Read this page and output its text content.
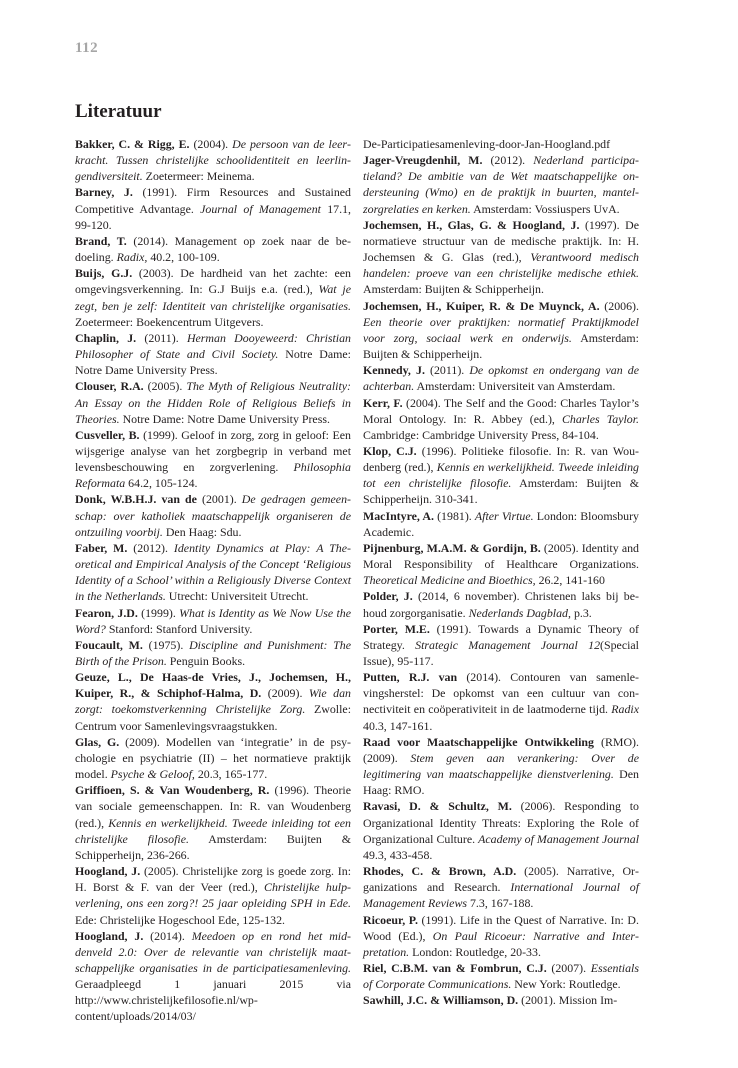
112
Literatuur

Bakker, C. & Rigg, E. (2004). De persoon van de leerkracht. Tussen christelijke schoolidentiteit en leerlingendiversiteit. Zoetermeer: Meinema.

Barney, J. (1991). Firm Resources and Sustained Competitive Advantage. Journal of Management 17.1, 99-120.

Brand, T. (2014). Management op zoek naar de bedoeling. Radix, 40.2, 100-109.

Buijs, G.J. (2003). De hardheid van het zachte: een omgevingsverkenning. In: G.J Buijs e.a. (red.), Wat je zegt, ben je zelf: Identiteit van christelijke organisaties. Zoetermeer: Boekencentrum Uitgevers.

Chaplin, J. (2011). Herman Dooyeweerd: Christian Philosopher of State and Civil Society. Notre Dame: Notre Dame University Press.

Clouser, R.A. (2005). The Myth of Religious Neutrality: An Essay on the Hidden Role of Religious Beliefs in Theories. Notre Dame: Notre Dame University Press.

Cusveller, B. (1999). Geloof in zorg, zorg in geloof: Een wijsgerige analyse van het zorgbegrip in verband met levensbeschouwing en zorgverlening. Philosophia Reformata 64.2, 105-124.

Donk, W.B.H.J. van de (2001). De gedragen gemeenschap: over katholiek maatschappelijk organiseren de ontzuiling voorbij. Den Haag: Sdu.

Faber, M. (2012). Identity Dynamics at Play: A Theoretical and Empirical Analysis of the Concept ‘Religious Identity of a School’ within a Religiously Diverse Context in the Netherlands. Utrecht: Universiteit Utrecht.

Fearon, J.D. (1999). What is Identity as We Now Use the Word? Stanford: Stanford University.

Foucault, M. (1975). Discipline and Punishment: The Birth of the Prison. Penguin Books.

Geuze, L., De Haas-de Vries, J., Jochemsen, H., Kuiper, R., & Schiphof-Halma, D. (2009). Wie dan zorgt: toekomstverkenning Christelijke Zorg. Zwolle: Centrum voor Samenlevingsvraagstukken.

Glas, G. (2009). Modellen van ‘integratie’ in de psychologie en psychiatrie (II) – het normatieve praktijk model. Psyche & Geloof, 20.3, 165-177.

Griffioen, S. & Van Woudenberg, R. (1996). Theorie van sociale gemeenschappen. In: R. van Woudenberg (red.), Kennis en werkelijkheid. Tweede inleiding tot een christelijke filosofie. Amsterdam: Buijten & Schipperheijn, 236-266.

Hoogland, J. (2005). Christelijke zorg is goede zorg. In: H. Borst & F. van der Veer (red.), Christelijke hulpverlening, ons een zorg?! 25 jaar opleiding SPH in Ede. Ede: Christelijke Hogeschool Ede, 125-132.

Hoogland, J. (2014). Meedoen op en rond het middenveld 2.0: Over de relevantie van christelijk maatschappelijke organisaties in de participatiesamenleving. Geraadpleegd 1 januari 2015 via http://www.christelijkefilosofie.nl/wp-content/uploads/2014/03/

De-Participatiesamenleving-door-Jan-Hoogland.pdf

Jager-Vreugdenhil, M. (2012). Nederland participatieland? De ambitie van de Wet maatschappelijke ondersteuning (Wmo) en de praktijk in buurten, mantelzorgrelaties en kerken. Amsterdam: Vossiuspers UvA.

Jochemsen, H., Glas, G. & Hoogland, J. (1997). De normatieve structuur van de medische praktijk. In: H. Jochemsen & G. Glas (red.), Verantwoord medisch handelen: proeve van een christelijke medische ethiek. Amsterdam: Buijten & Schipperheijn.

Jochemsen, H., Kuiper, R. & De Muynck, A. (2006). Een theorie over praktijken: normatief Praktijkmodel voor zorg, sociaal werk en onderwijs. Amsterdam: Buijten & Schipperheijn.

Kennedy, J. (2011). De opkomst en ondergang van de achterban. Amsterdam: Universiteit van Amsterdam.

Kerr, F. (2004). The Self and the Good: Charles Taylor’s Moral Ontology. In: R. Abbey (ed.), Charles Taylor. Cambridge: Cambridge University Press, 84-104.

Klop, C.J. (1996). Politieke filosofie. In: R. van Woudenberg (red.), Kennis en werkelijkheid. Tweede inleiding tot een christelijke filosofie. Amsterdam: Buijten & Schipperheijn. 310-341.

MacIntyre, A. (1981). After Virtue. London: Bloomsbury Academic.

Pijnenburg, M.A.M. & Gordijn, B. (2005). Identity and Moral Responsibility of Healthcare Organizations. Theoretical Medicine and Bioethics, 26.2, 141-160

Polder, J. (2014, 6 november). Christenen laks bij behoud zorgorganisatie. Nederlands Dagblad, p.3.

Porter, M.E. (1991). Towards a Dynamic Theory of Strategy. Strategic Management Journal 12(Special Issue), 95-117.

Putten, R.J. van (2014). Contouren van samenlevingsherstel: De opkomst van een cultuur van connectiviteit en coöperativiteit in de laatmoderne tijd. Radix 40.3, 147-161.

Raad voor Maatschappelijke Ontwikkeling (RMO). (2009). Stem geven aan verankering: Over de legitimering van maatschappelijke dienstverlening. Den Haag: RMO.

Ravasi, D. & Schultz, M. (2006). Responding to Organizational Identity Threats: Exploring the Role of Organizational Culture. Academy of Management Journal 49.3, 433-458.

Rhodes, C. & Brown, A.D. (2005). Narrative, Organizations and Research. International Journal of Management Reviews 7.3, 167-188.

Ricoeur, P. (1991). Life in the Quest of Narrative. In: D. Wood (Ed.), On Paul Ricoeur: Narrative and Interpretation. London: Routledge, 20-33.

Riel, C.B.M. van & Fombrun, C.J. (2007). Essentials of Corporate Communications. New York: Routledge.

Sawhill, J.C. & Williamson, D. (2001). Mission Im-
